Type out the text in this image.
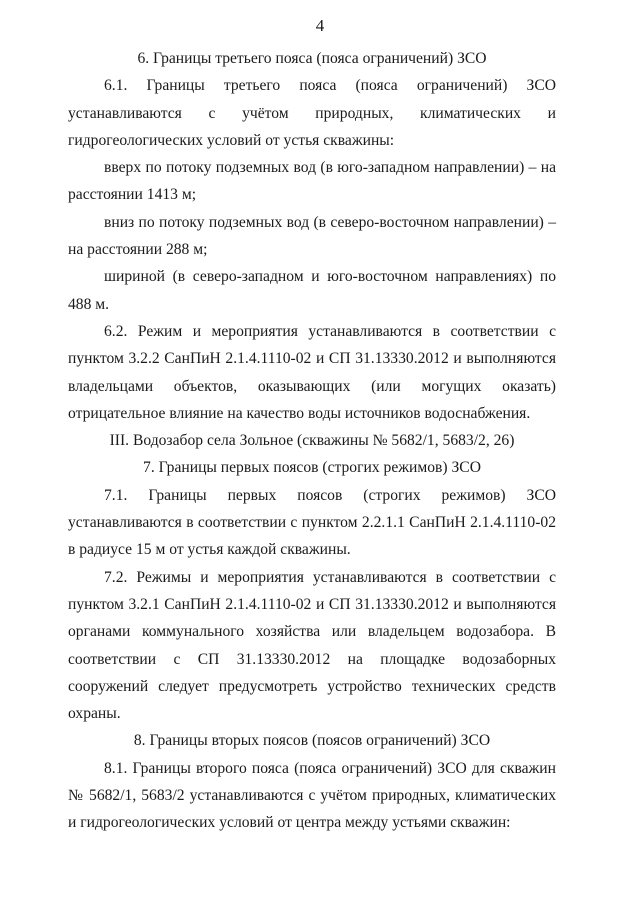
4

6. Границы третьего пояса (пояса ограничений) ЗСО

6.1. Границы третьего пояса (пояса ограничений) ЗСО устанавливаются с учётом природных, климатических и гидрогеологических условий от устья скважины:

вверх по потоку подземных вод (в юго-западном направлении) – на расстоянии 1413 м;

вниз по потоку подземных вод (в северо-восточном направлении) – на расстоянии 288 м;

шириной (в северо-западном и юго-восточном направлениях) по 488 м.

6.2. Режим и мероприятия устанавливаются в соответствии с пунктом 3.2.2 СанПиН 2.1.4.1110-02 и СП 31.13330.2012 и выполняются владельцами объектов, оказывающих (или могущих оказать) отрицательное влияние на качество воды источников водоснабжения.

III. Водозабор села Зольное (скважины № 5682/1, 5683/2, 26)

7. Границы первых поясов (строгих режимов) ЗСО

7.1. Границы первых поясов (строгих режимов) ЗСО устанавливаются в соответствии с пунктом 2.2.1.1 СанПиН 2.1.4.1110-02 в радиусе 15 м от устья каждой скважины.

7.2. Режимы и мероприятия устанавливаются в соответствии с пунктом 3.2.1 СанПиН 2.1.4.1110-02 и СП 31.13330.2012 и выполняются органами коммунального хозяйства или владельцем водозабора. В соответствии с СП 31.13330.2012 на площадке водозаборных сооружений следует предусмотреть устройство технических средств охраны.

8. Границы вторых поясов (поясов ограничений) ЗСО

8.1. Границы второго пояса (пояса ограничений) ЗСО для скважин № 5682/1, 5683/2 устанавливаются с учётом природных, климатических и гидрогеологических условий от центра между устьями скважин:
